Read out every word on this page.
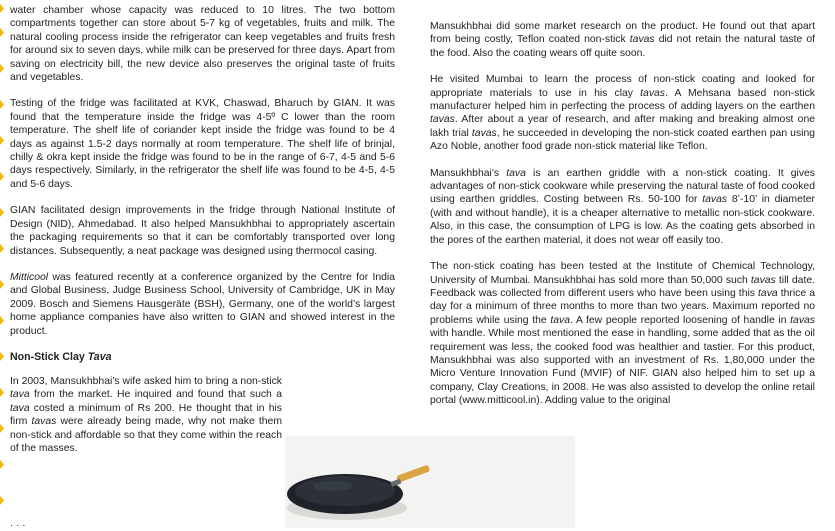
water chamber whose capacity was reduced to 10 litres. The two bottom compartments together can store about 5-7 kg of vegetables, fruits and milk. The natural cooling process inside the refrigerator can keep vegetables and fruits fresh for around six to seven days, while milk can be preserved for three days. Apart from saving on electricity bill, the new device also preserves the original taste of fruits and vegetables.

Testing of the fridge was facilitated at KVK, Chaswad, Bharuch by GIAN. It was found that the temperature inside the fridge was 4-5º C lower than the room temperature. The shelf life of coriander kept inside the fridge was found to be 4 days as against 1.5-2 days normally at room temperature. The shelf life of brinjal, chilly & okra kept inside the fridge was found to be in the range of 6-7, 4-5 and 5-6 days respectively. Similarly, in the refrigerator the shelf life was found to be 4-5, 4-5 and 5-6 days.

GIAN facilitated design improvements in the fridge through National Institute of Design (NID), Ahmedabad. It also helped Mansukhbhai to appropriately ascertain the packaging requirements so that it can be comfortably transported over long distances. Subsequently, a neat package was designed using thermocol casing.

Mitticool was featured recently at a conference organized by the Centre for India and Global Business, Judge Business School, University of Cambridge, UK in May 2009. Bosch and Siemens Hausgeräte (BSH), Germany, one of the world’s largest home appliance companies have also written to GIAN and showed interest in the product.

Non-Stick Clay Tava

In 2003, Mansukhbhai’s wife asked him to bring a non-stick tava from the market. He inquired and found that such a tava costed a minimum of Rs 200. He thought that in his firm tavas were already being made, why not make them non-stick and affordable so that they come within the reach of the masses.

· · ·

Mansukhbhai did some market research on the product. He found out that apart from being costly, Teflon coated non-stick tavas did not retain the natural taste of the food. Also the coating wears off quite soon.

He visited Mumbai to learn the process of non-stick coating and looked for appropriate materials to use in his clay tavas. A Mehsana based non-stick manufacturer helped him in perfecting the process of adding layers on the earthen tavas. After about a year of research, and after making and breaking almost one lakh trial tavas, he succeeded in developing the non-stick coated earthen pan using Azo Noble, another food grade non-stick material like Teflon.

Mansukhbhai’s tava is an earthen griddle with a non-stick coating. It gives advantages of non-stick cookware while preserving the natural taste of food cooked using earthen griddles. Costing between Rs. 50-100 for tavas 8’-10’ in diameter (with and without handle), it is a cheaper alternative to metallic non-stick cookware. Also, in this case, the consumption of LPG is low. As the coating gets absorbed in the pores of the earthen material, it does not wear off easily too.

The non-stick coating has been tested at the Institute of Chemical Technology, University of Mumbai. Mansukhbhai has sold more than 50,000 such tavas till date. Feedback was collected from different users who have been using this tava thrice a day for a minimum of three months to more than two years. Maximum reported no problems while using the tava. A few people reported loosening of handle in tavas with handle. While most mentioned the ease in handling, some added that as the oil requirement was less, the cooked food was healthier and tastier. For this product, Mansukhbhai was also supported with an investment of Rs. 1,80,000 under the Micro Venture Innovation Fund (MVIF) of NIF. GIAN also helped him to set up a company, Clay Creations, in 2008. He was also assisted to develop the online retail portal (www.mitticool.in). Adding value to the original
